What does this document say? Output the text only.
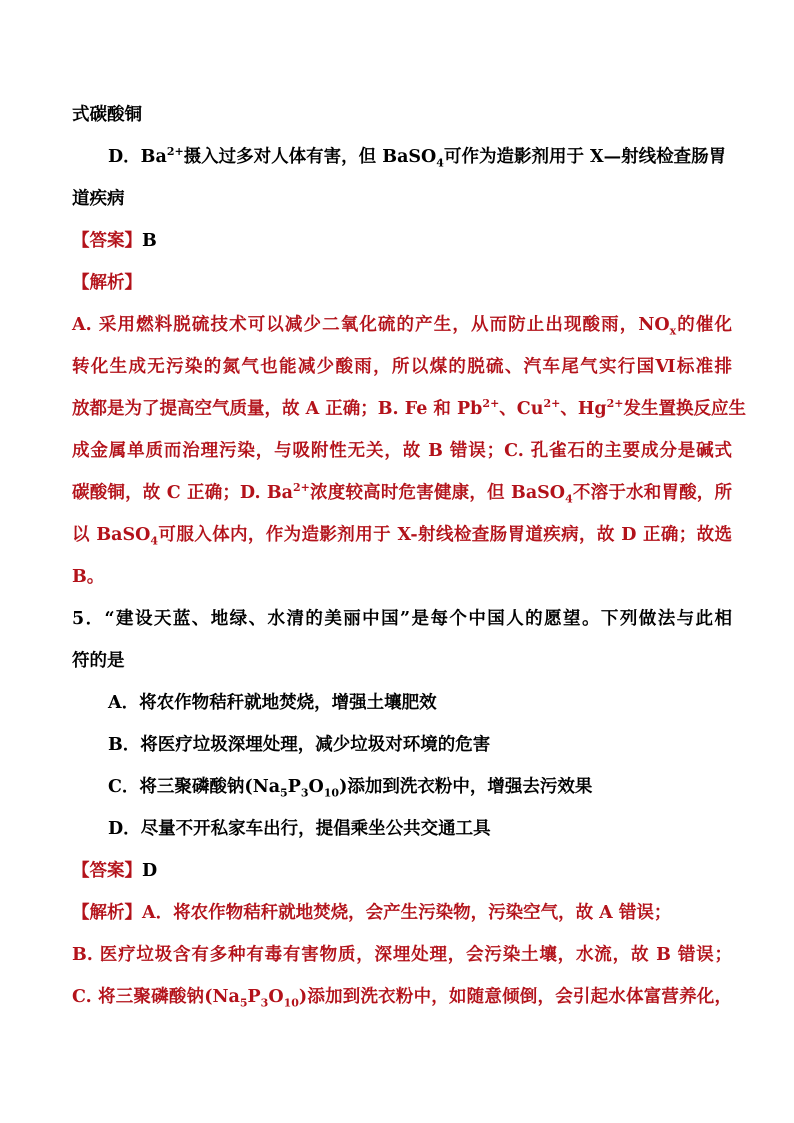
式碳酸铜
D．$Ba^{2+}$摄入过多对人体有害，但 BaSO$_4$可作为造影剂用于 X—射线检查肠胃
道疾病
【答案】B
【解析】
A. 采用燃料脱硫技术可以减少二氧化硫的产生，从而防止出现酸雨，$NO_x$的催化
转化生成无污染的氮气也能减少酸雨，所以煤的脱硫、汽车尾气实行国Ⅵ标准排
放都是为了提高空气质量，故 A 正确；B. Fe 和 $Pb^{2+}$、$Cu^{2+}$、$Hg^{2+}$发生置换反应生
成金属单质而治理污染，与吸附性无关，故 B 错误；C. 孔雀石的主要成分是碱式
碳酸铜，故 C 正确；D. $Ba^{2+}$浓度较高时危害健康，但 BaSO$_4$不溶于水和胃酸，所
以 BaSO$_4$可服入体内，作为造影剂用于 X-射线检查肠胃道疾病，故 D 正确；故选
B。
5．“建设天蓝、地绿、水清的美丽中国”是每个中国人的愿望。下列做法与此相
符的是
A．将农作物秸秆就地焚烧，增强土壤肥效
B．将医疗垃圾深埋处理，减少垃圾对环境的危害
C．将三聚磷酸钠$(Na_5P_3O_{10})$添加到洗衣粉中，增强去污效果
D．尽量不开私家车出行，提倡乘坐公共交通工具
【答案】D
【解析】A．将农作物秸秆就地焚烧，会产生污染物，污染空气，故 A 错误；
B. 医疗垃圾含有多种有毒有害物质，深埋处理，会污染土壤，水流，故 B 错误；
C. 将三聚磷酸钠$(Na_5P_3O_{10})$添加到洗衣粉中，如随意倾倒，会引起水体富营养化，
